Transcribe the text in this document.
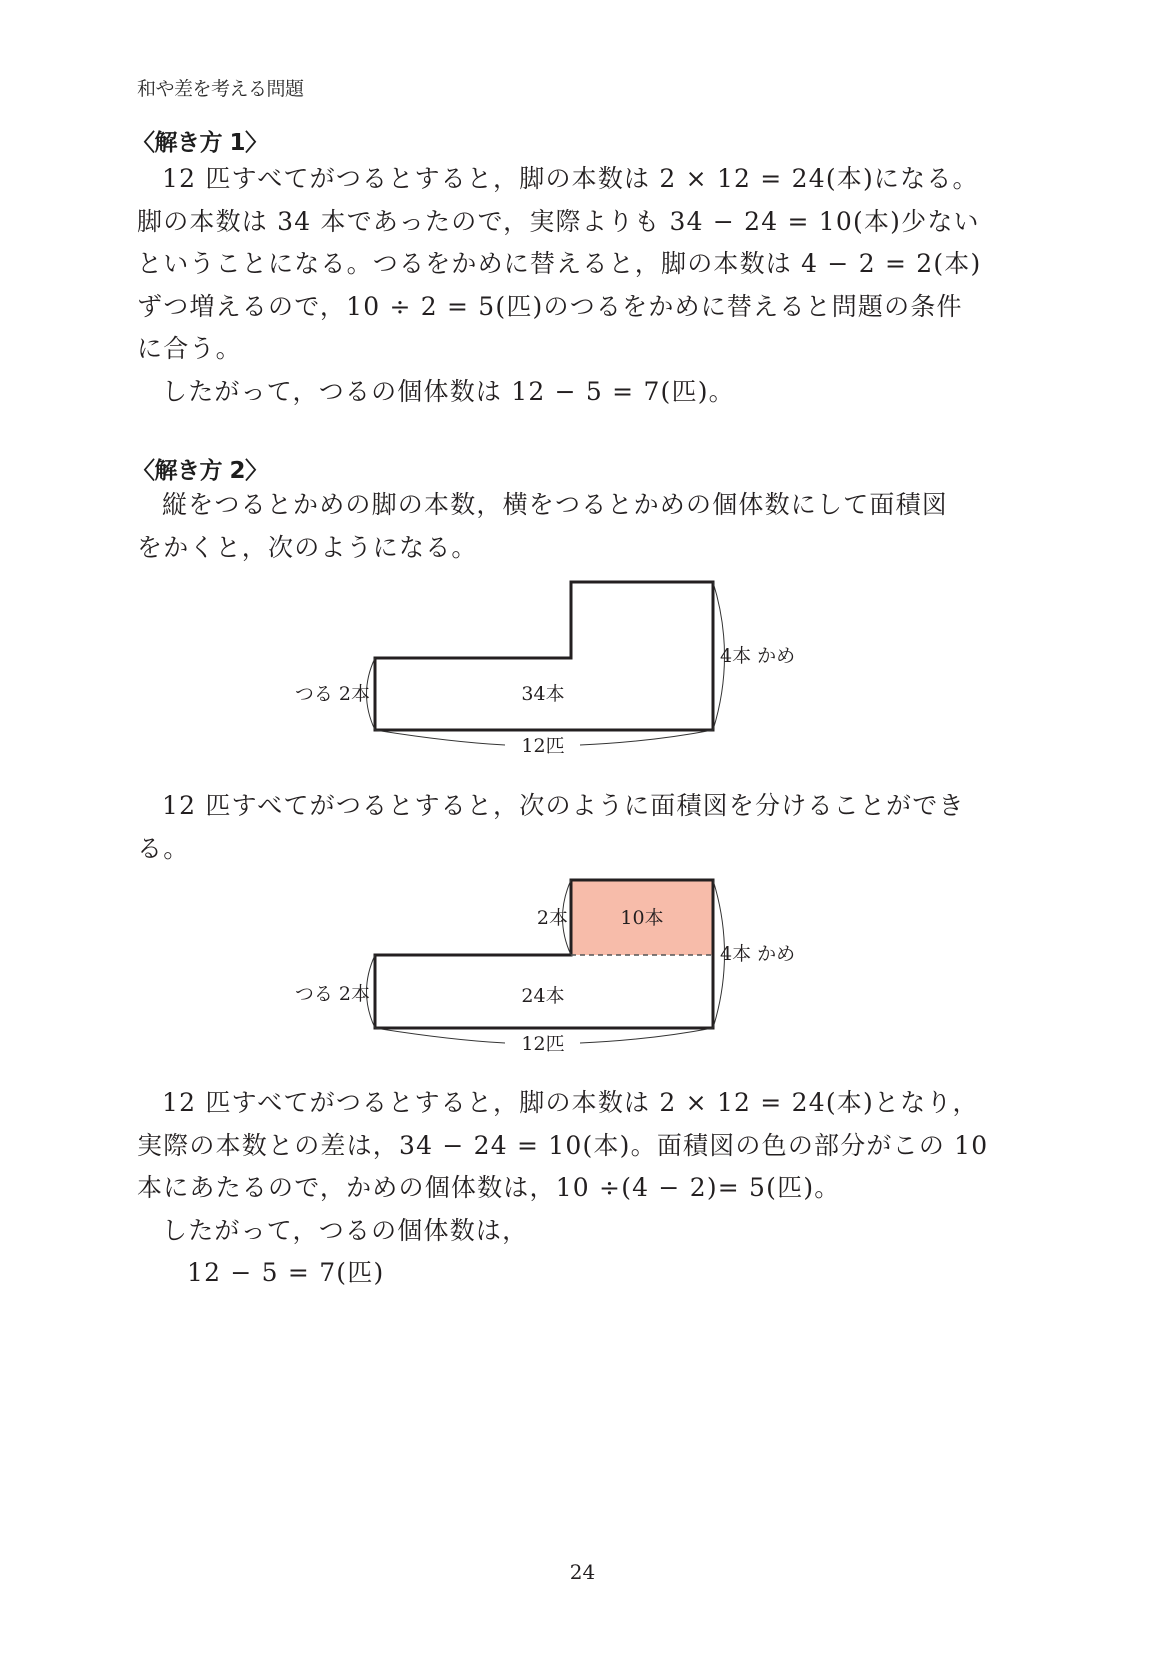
和や差を考える問題
〈解き方 1〉

12 匹すべてがつるとすると，脚の本数は 2 × 12 = 24(本)になる。

脚の本数は 34 本であったので，実際よりも 34 − 24 = 10(本)少ない

ということになる。つるをかめに替えると，脚の本数は 4 − 2 = 2(本)

ずつ増えるので，10 ÷ 2 = 5(匹)のつるをかめに替えると問題の条件

に合う。

したがって，つるの個体数は 12 − 5 = 7(匹)。

〈解き方 2〉

縦をつるとかめの脚の本数，横をつるとかめの個体数にして面積図

をかくと，次のようになる。

つる 2本
4本 かめ
34本
12匹

12 匹すべてがつるとすると，次のように面積図を分けることができ

る。

2本	10本
つる 2本
4本 かめ
24本
12匹

12 匹すべてがつるとすると，脚の本数は 2 × 12 = 24(本)となり，

実際の本数との差は，34 − 24 = 10(本)。面積図の色の部分がこの 10

本にあたるので，かめの個体数は，10 ÷(4 − 2)= 5(匹)。

したがって，つるの個体数は，

12 − 5 = 7(匹)

24
